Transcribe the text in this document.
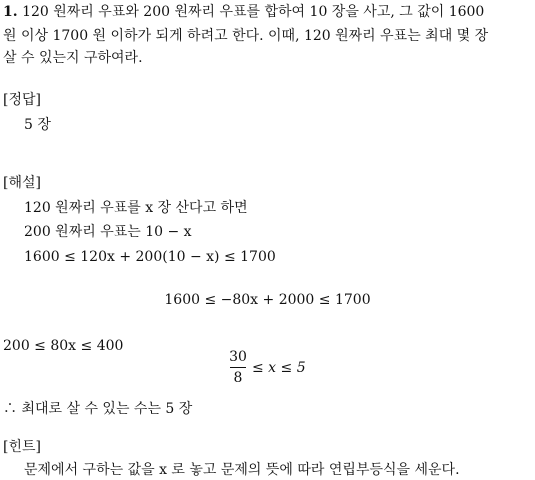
1. 120 원짜리 우표와 200 원짜리 우표를 합하여 10 장을 사고, 그 값이 1600
원 이상 1700 원 이하가 되게 하려고 한다. 이때, 120 원짜리 우표는 최대 몇 장
살 수 있는지 구하여라.
[정답]
5 장
[해설]
120 원짜리 우표를 x 장 산다고 하면
200 원짜리 우표는 10 − x
1600 ≤ 120x + 200(10 − x) ≤ 1700
1600 ≤ −80x + 2000 ≤ 1700
200 ≤ 80x ≤ 400
30
8
≤ x ≤ 5
∴ 최대로 살 수 있는 수는 5 장
[힌트]
문제에서 구하는 값을 x 로 놓고 문제의 뜻에 따라 연립부등식을 세운다.
